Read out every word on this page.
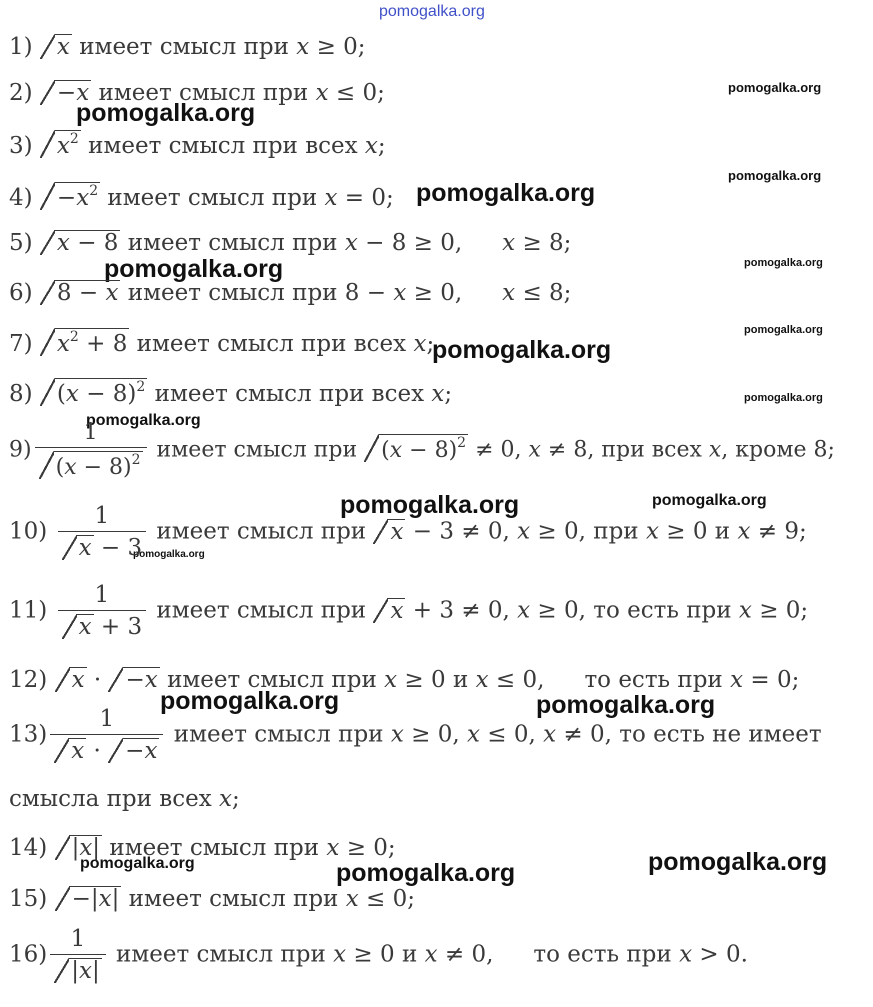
pomogalka.org
pomogalka.org
pomogalka.org
pomogalka.org
pomogalka.org
pomogalka.org	pomogalka.org
pomogalka.org
pomogalka.org
pomogalka.org
pomogalka.org
pomogalka.org	pomogalka.org
pomogalka.org
pomogalka.org	pomogalka.org
pomogalka.org
pomogalka.org	pomogalka.org
1) x имеет смысл при x ≥ 0;
2) −x имеет смысл при x ≤ 0;
3) $x^2$ имеет смысл при всех x;
$4) -x^2$ имеет смысл при x = 0;
5) x − 8 имеет смысл при x − 8 ≥ 0, x ≥ 8;
6) 8 − x имеет смысл при 8 − x ≥ 0, x ≤ 8;
7) $x^2 + 8$ имеет смысл при всех x;
8) $(x - 8)^2$ имеет смысл при всех x;
$9) \frac{1}{(x - 8)^2}$ имеет смысл при $(x - 8)^2 \ne 0$, x ≠ 8, при всех x, кроме 8;
$10) \frac{1}{x - 3}$ имеет смысл при x − 3 ≠ 0, x ≥ 0, при x ≥ 0 и x ≠ 9;
$11) \frac{1}{x + 3}$ имеет смысл при x + 3 ≠ 0, x ≥ 0, то есть при x ≥ 0;
12) x · −x имеет смысл при x ≥ 0 и x ≤ 0, то есть при x = 0;
$13) \frac{1}{x \cdot -x}$ имеет смысл при x ≥ 0, x ≤ 0, x ≠ 0, то есть не имеет
смысла при всех x;
14) |x| имеет смысл при x ≥ 0;
15) −|x| имеет смысл при x ≤ 0;
$16) \frac{1}{|x|}$ имеет смысл при x ≥ 0 и x ≠ 0, то есть при x > 0.
